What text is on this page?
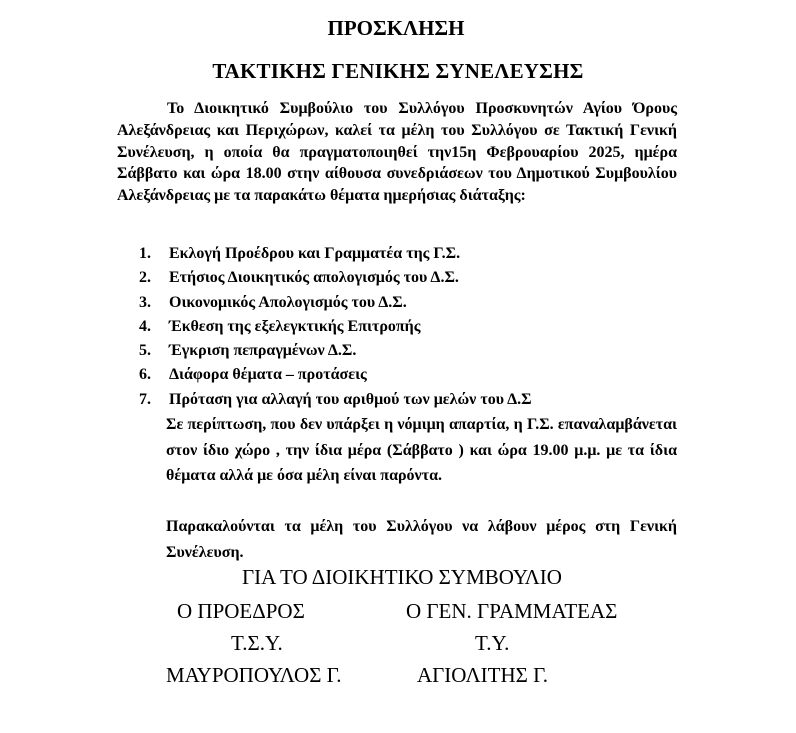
ΠΡΟΣΚΛΗΣΗ
ΤΑΚΤΙΚΗΣ ΓΕΝΙΚΗΣ ΣΥΝΕΛΕΥΣΗΣ

Το Διοικητικό Συμβούλιο του Συλλόγου Προσκυνητών Αγίου Όρους Αλεξάνδρειας και Περιχώρων, καλεί τα μέλη του Συλλόγου σε Τακτική Γενική Συνέλευση, η οποία θα πραγματοποιηθεί την15η Φεβρουαρίου 2025, ημέρα Σάββατο και ώρα 18.00 στην αίθουσα συνεδριάσεων του Δημοτικού Συμβουλίου Αλεξάνδρειας με τα παρακάτω θέματα ημερήσιας διάταξης:

1. Εκλογή Προέδρου και Γραμματέα της Γ.Σ.
2. Ετήσιος Διοικητικός απολογισμός του Δ.Σ.
3. Οικονομικός Απολογισμός του Δ.Σ.
4. Έκθεση της εξελεγκτικής Επιτροπής
5. Έγκριση πεπραγμένων Δ.Σ.
6. Διάφορα θέματα – προτάσεις
7. Πρόταση για αλλαγή του αριθμού των μελών του Δ.Σ

Σε περίπτωση, που δεν υπάρξει η νόμιμη απαρτία, η Γ.Σ. επαναλαμβάνεται στον ίδιο χώρο , την ίδια μέρα (Σάββατο ) και ώρα 19.00 μ.μ. με τα ίδια θέματα αλλά με όσα μέλη είναι παρόντα.

Παρακαλούνται τα μέλη του Συλλόγου να λάβουν μέρος στη Γενική Συνέλευση.

ΓΙΑ ΤΟ ΔΙΟΙΚΗΤΙΚΟ ΣΥΜΒΟΥΛΙΟ

Ο ΠΡΟΕΔΡΟΣ	Ο ΓΕΝ. ΓΡΑΜΜΑΤΕΑΣ

Τ.Σ.Υ.	Τ.Υ.

ΜΑΥΡΟΠΟΥΛΟΣ Γ.	ΑΓΙΟΛΙΤΗΣ Γ.
